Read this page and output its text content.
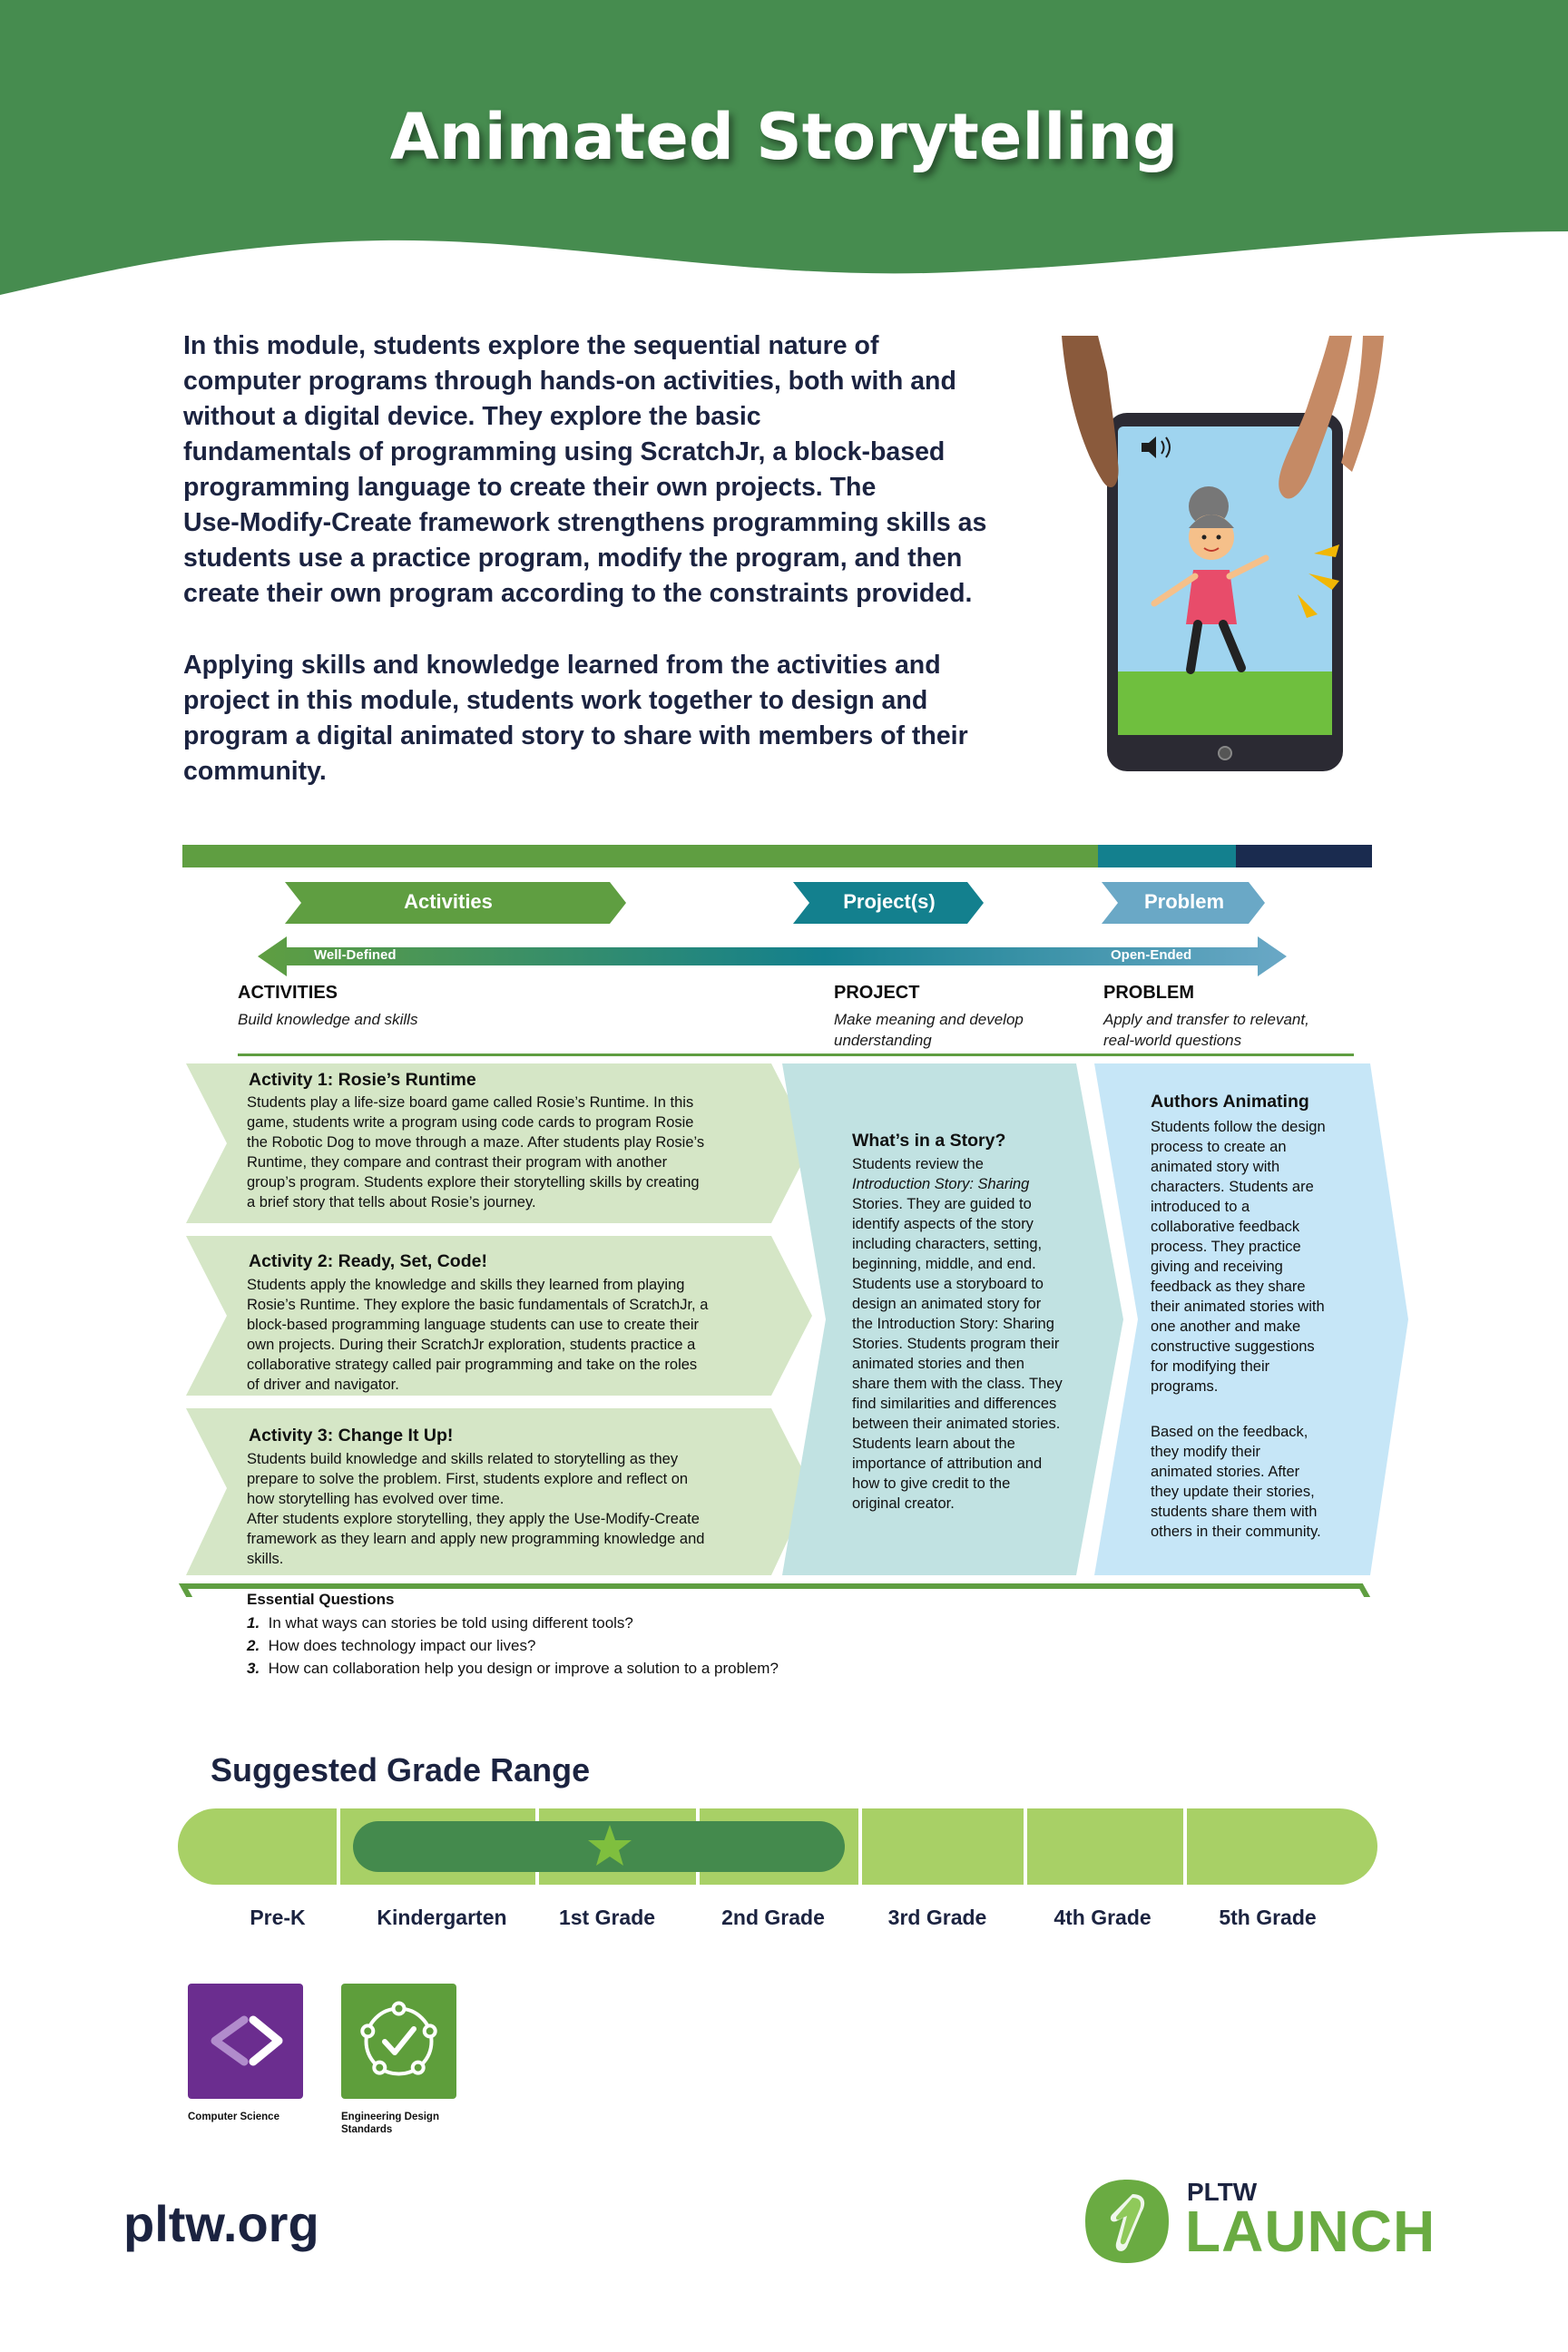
Animated Storytelling
In this module, students explore the sequential nature of
computer programs through hands-on activities, both with and
without a digital device. They explore the basic
fundamentals of programming using ScratchJr, a block-based
programming language to create their own projects. The
Use-Modify-Create framework strengthens programming skills as
students use a practice program, modify the program, and then
create their own program according to the constraints provided.
Applying skills and knowledge learned from the activities and
project in this module, students work together to design and
program a digital animated story to share with members of their
community.
Activities	Project(s)	Problem
Well-Defined	Open-Ended
ACTIVITIES
Build knowledge and skills
PROJECT
Make meaning and develop
understanding
PROBLEM
Apply and transfer to relevant,
real-world questions
Activity 1: Rosie’s Runtime
Students play a life-size board game called Rosie’s Runtime. In this
game, students write a program using code cards to program Rosie
the Robotic Dog to move through a maze. After students play Rosie’s
Runtime, they compare and contrast their program with another
group’s program. Students explore their storytelling skills by creating
a brief story that tells about Rosie’s journey.
Activity 2: Ready, Set, Code!
Students apply the knowledge and skills they learned from playing
Rosie’s Runtime. They explore the basic fundamentals of ScratchJr, a
block-based programming language students can use to create their
own projects. During their ScratchJr exploration, students practice a
collaborative strategy called pair programming and take on the roles
of driver and navigator.
Activity 3: Change It Up!
Students build knowledge and skills related to storytelling as they
prepare to solve the problem. First, students explore and reflect on
how storytelling has evolved over time.
After students explore storytelling, they apply the Use-Modify-Create
framework as they learn and apply new programming knowledge and
skills.
What’s in a Story?
Students review the
Introduction Story: Sharing
Stories. They are guided to
identify aspects of the story
including characters, setting,
beginning, middle, and end.
Students use a storyboard to
design an animated story for
the Introduction Story: Sharing
Stories. Students program their
animated stories and then
share them with the class. They
find similarities and differences
between their animated stories.
Students learn about the
importance of attribution and
how to give credit to the
original creator.
Authors Animating
Students follow the design
process to create an
animated story with
characters. Students are
introduced to a
collaborative feedback
process. They practice
giving and receiving
feedback as they share
their animated stories with
one another and make
constructive suggestions
for modifying their
programs.
Based on the feedback,
they modify their
animated stories. After
they update their stories,
students share them with
others in their community.
Essential Questions
1. In what ways can stories be told using different tools?
2. How does technology impact our lives?
3. How can collaboration help you design or improve a solution to a problem?
Suggested Grade Range
Pre-K	Kindergarten	1st Grade	2nd Grade	3rd Grade	4th Grade	5th Grade
Computer Science	Engineering Design
Standards
pltw.org
PLTW
LAUNCH
